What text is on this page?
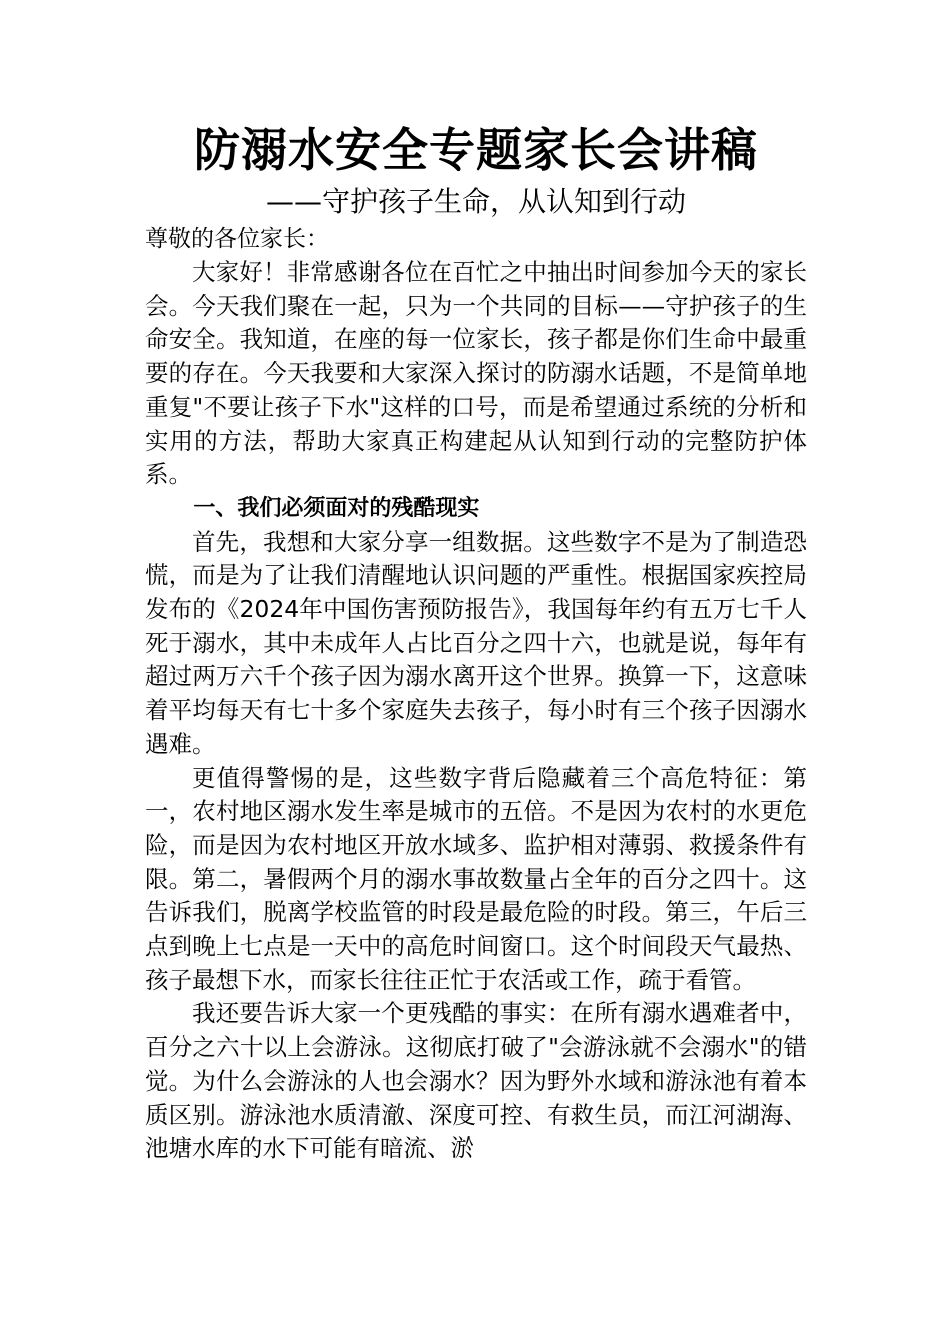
防溺水安全专题家长会讲稿

——守护孩子生命，从认知到行动

尊敬的各位家长：

大家好！非常感谢各位在百忙之中抽出时间参加今天的家长会。今天我们聚在一起，只为一个共同的目标——守护孩子的生命安全。我知道，在座的每一位家长，孩子都是你们生命中最重要的存在。今天我要和大家深入探讨的防溺水话题，不是简单地重复"不要让孩子下水"这样的口号，而是希望通过系统的分析和实用的方法，帮助大家真正构建起从认知到行动的完整防护体系。

一、我们必须面对的残酷现实

首先，我想和大家分享一组数据。这些数字不是为了制造恐慌，而是为了让我们清醒地认识问题的严重性。根据国家疾控局发布的《2024年中国伤害预防报告》，我国每年约有五万七千人死于溺水，其中未成年人占比百分之四十六，也就是说，每年有超过两万六千个孩子因为溺水离开这个世界。换算一下，这意味着平均每天有七十多个家庭失去孩子，每小时有三个孩子因溺水遇难。

更值得警惕的是，这些数字背后隐藏着三个高危特征：第一，农村地区溺水发生率是城市的五倍。不是因为农村的水更危险，而是因为农村地区开放水域多、监护相对薄弱、救援条件有限。第二，暑假两个月的溺水事故数量占全年的百分之四十。这告诉我们，脱离学校监管的时段是最危险的时段。第三，午后三点到晚上七点是一天中的高危时间窗口。这个时间段天气最热、孩子最想下水，而家长往往正忙于农活或工作，疏于看管。

我还要告诉大家一个更残酷的事实：在所有溺水遇难者中，百分之六十以上会游泳。这彻底打破了"会游泳就不会溺水"的错觉。为什么会游泳的人也会溺水？因为野外水域和游泳池有着本质区别。游泳池水质清澈、深度可控、有救生员，而江河湖海、池塘水库的水下可能有暗流、淤
